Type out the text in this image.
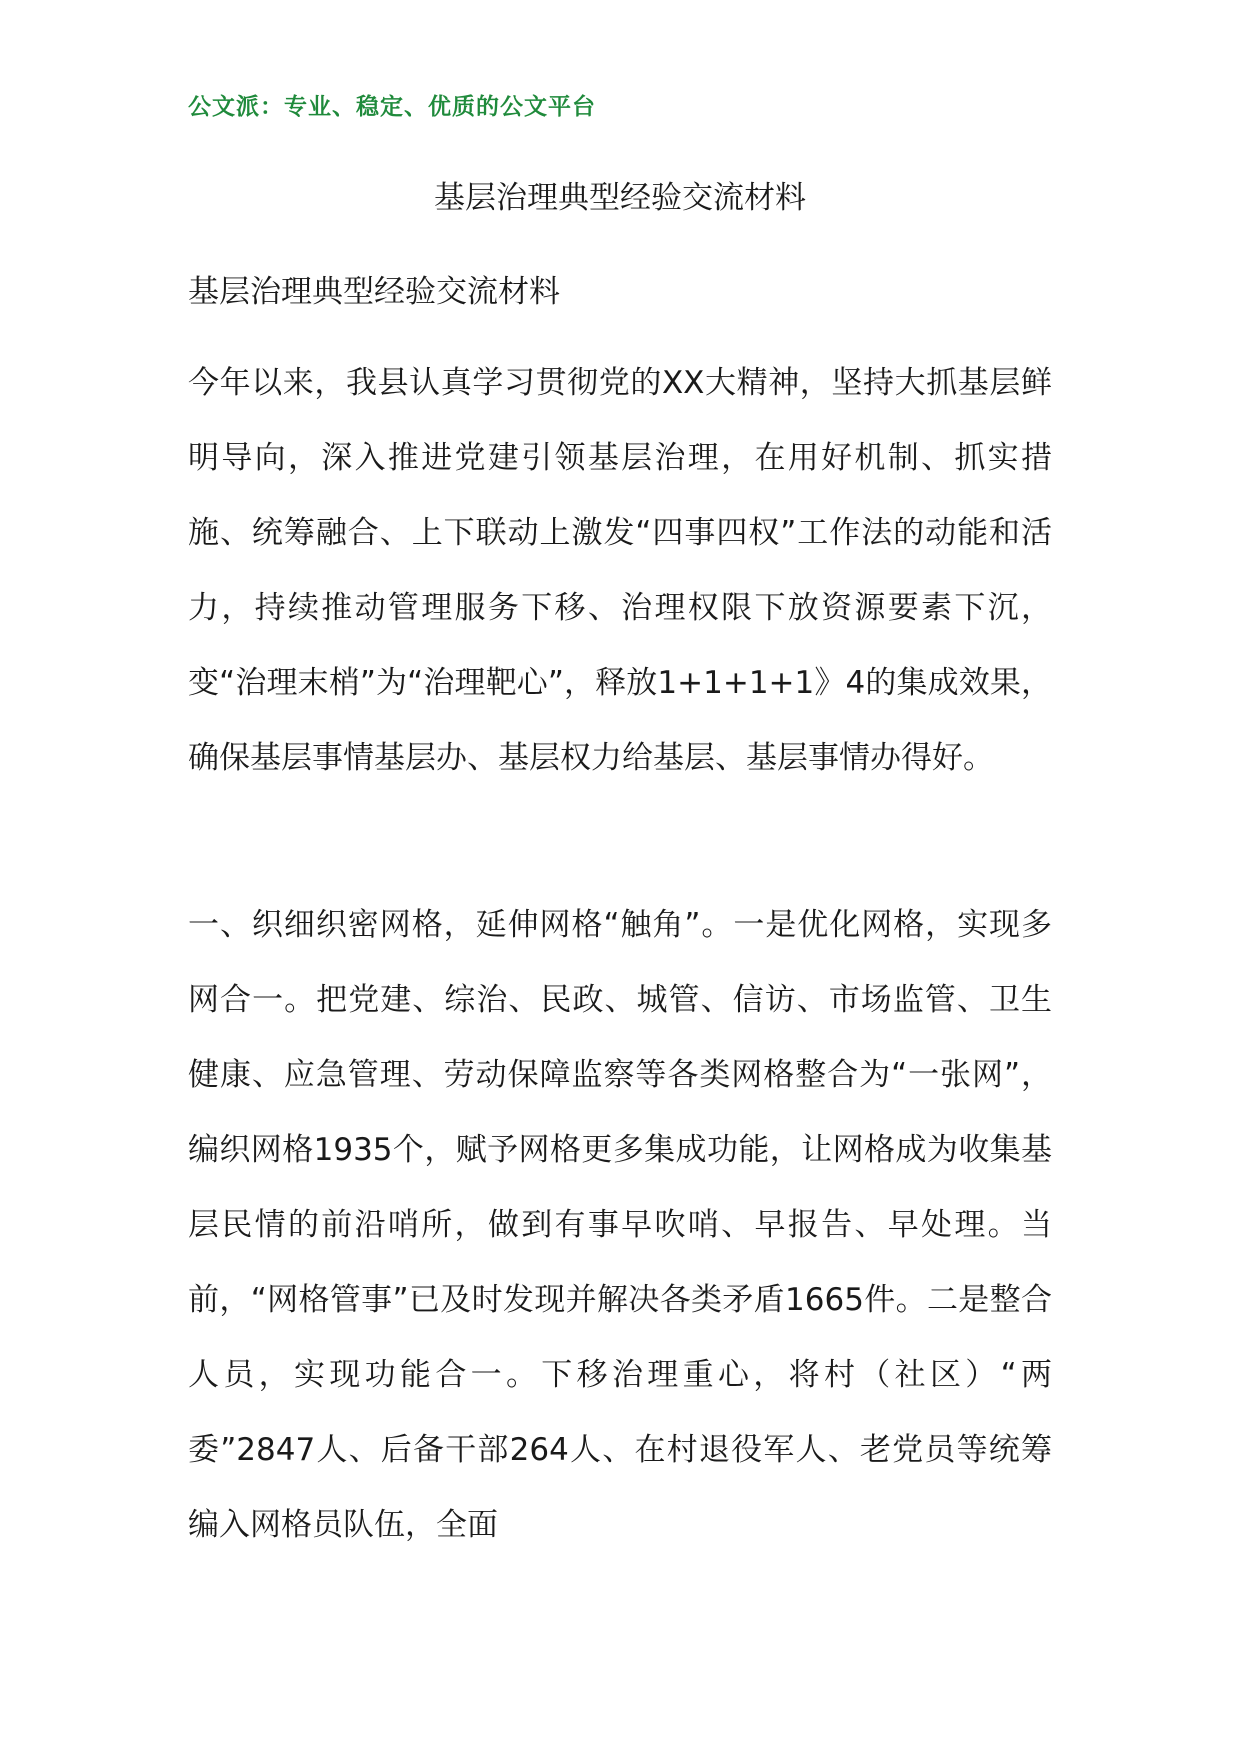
公文派：专业、稳定、优质的公文平台
基层治理典型经验交流材料
基层治理典型经验交流材料
今年以来，我县认真学习贯彻党的XX大精神，坚持大抓基层鲜明导向，深入推进党建引领基层治理，在用好机制、抓实措施、统筹融合、上下联动上激发“四事四权”工作法的动能和活力，持续推动管理服务下移、治理权限下放资源要素下沉，变“治理末梢”为“治理靶心”，释放1+1+1+1》4的集成效果，确保基层事情基层办、基层权力给基层、基层事情办得好。
一、织细织密网格，延伸网格“触角”。一是优化网格，实现多网合一。把党建、综治、民政、城管、信访、市场监管、卫生健康、应急管理、劳动保障监察等各类网格整合为“一张网”，编织网格1935个，赋予网格更多集成功能，让网格成为收集基层民情的前沿哨所，做到有事早吹哨、早报告、早处理。当前，“网格管事”已及时发现并解决各类矛盾1665件。二是整合人员，实现功能合一。下移治理重心，将村（社区）“两委”2847人、后备干部264人、在村退役军人、老党员等统筹编入网格员队伍，全面
